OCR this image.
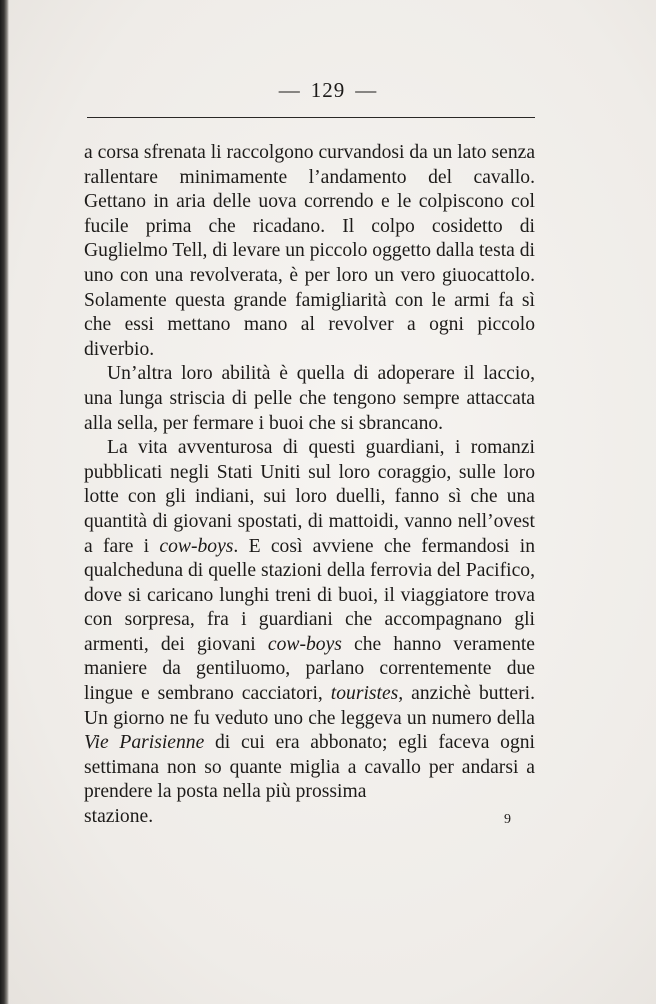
— 129 —

a corsa sfrenata li raccolgono curvandosi da un lato senza rallentare minimamente l’andamento del cavallo. Gettano in aria delle uova correndo e le colpiscono col fucile prima che ricadano. Il colpo cosidetto di Guglielmo Tell, di levare un piccolo oggetto dalla testa di uno con una revolverata, è per loro un vero giuocattolo. Solamente questa grande famigliarità con le armi fa sì che essi mettano mano al revolver a ogni piccolo diverbio.

Un’altra loro abilità è quella di adoperare il laccio, una lunga striscia di pelle che tengono sempre attaccata alla sella, per fermare i buoi che si sbrancano.

La vita avventurosa di questi guardiani, i romanzi pubblicati negli Stati Uniti sul loro coraggio, sulle loro lotte con gli indiani, sui loro duelli, fanno sì che una quantità di giovani spostati, di mattoidi, vanno nell’ovest a fare i cow-boys. E così avviene che fermandosi in qualcheduna di quelle stazioni della ferrovia del Pacifico, dove si caricano lunghi treni di buoi, il viaggiatore trova con sorpresa, fra i guardiani che accompagnano gli armenti, dei giovani cow-boys che hanno veramente maniere da gentiluomo, parlano correntemente due lingue e sembrano cacciatori, touristes, anzichè butteri. Un giorno ne fu veduto uno che leggeva un numero della Vie Parisienne di cui era abbonato; egli faceva ogni settimana non so quante miglia a cavallo per andarsi a prendere la posta nella più prossima

stazione.	9
